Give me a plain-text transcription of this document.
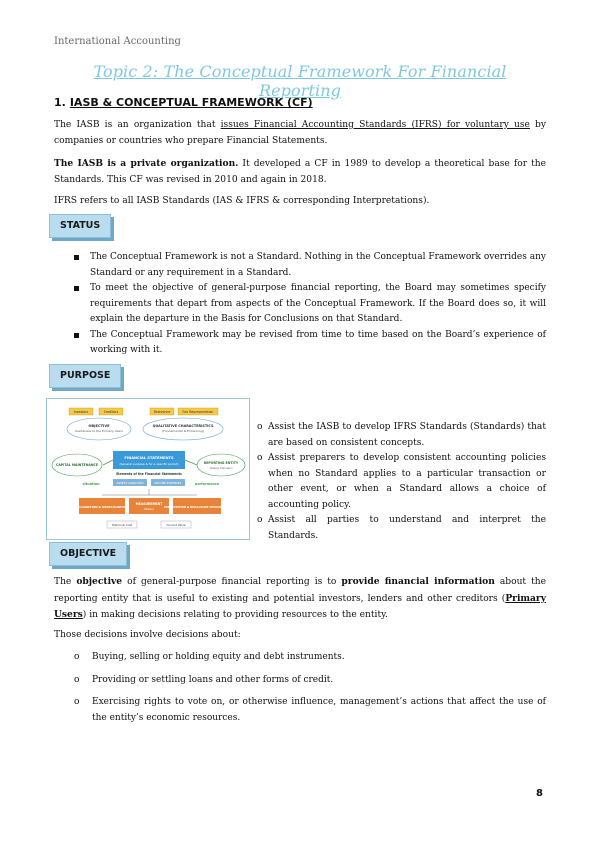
International Accounting
Topic 2: The Conceptual Framework For Financial Reporting
1. IASB & CONCEPTUAL FRAMEWORK (CF)

The IASB is an organization that issues Financial Accounting Standards (IFRS) for voluntary use by companies or countries who prepare Financial Statements.

The IASB is a private organization. It developed a CF in 1989 to develop a theoretical base for the Standards. This CF was revised in 2010 and again in 2018.

IFRS refers to all IASB Standards (IAS & IFRS & corresponding Interpretations).

STATUS
The Conceptual Framework is not a Standard. Nothing in the Conceptual Framework overrides any Standard or any requirement in a Standard.
To meet the objective of general-purpose financial reporting, the Board may sometimes specify requirements that depart from aspects of the Conceptual Framework. If the Board does so, it will explain the departure in the Basis for Conclusions on that Standard.
The Conceptual Framework may be revised from time to time based on the Board’s experience of working with it.
PURPOSE
Investors	Creditors	Relevance	Fair Representation
OBJECTIVE
Usefulness to the Primary Users
QUALITATIVE CHARACTERISTICS
(Fundamental & Enhancing)
CAPITAL MAINTENANCE
FINANCIAL STATEMENTS
(General purpose & for a specific period)	REPORTING ENTITY
(Going Concern)
Elements of the Financial Statements
ASSETS LIABILITIES	INCOME EXPENSES
situation	performance
RECOGNITION & DERECOGNITION
MEASUREMENT
(Basis)	PRESENTATION & DISCLOSURE INFORMATION
Historical Cost	Current Value
o Assist the IASB to develop IFRS Standards (Standards) that are based on consistent concepts.
o Assist preparers to develop consistent accounting policies when no Standard applies to a particular transaction or other event, or when a Standard allows a choice of accounting policy.
o Assist all parties to understand and interpret the Standards.
OBJECTIVE

The objective of general-purpose financial reporting is to provide financial information about the reporting entity that is useful to existing and potential investors, lenders and other creditors (Primary Users) in making decisions relating to providing resources to the entity.

Those decisions involve decisions about:

o Buying, selling or holding equity and debt instruments.
o Providing or settling loans and other forms of credit.
o Exercising rights to vote on, or otherwise influence, management’s actions that affect the use of the entity’s economic resources.
8
